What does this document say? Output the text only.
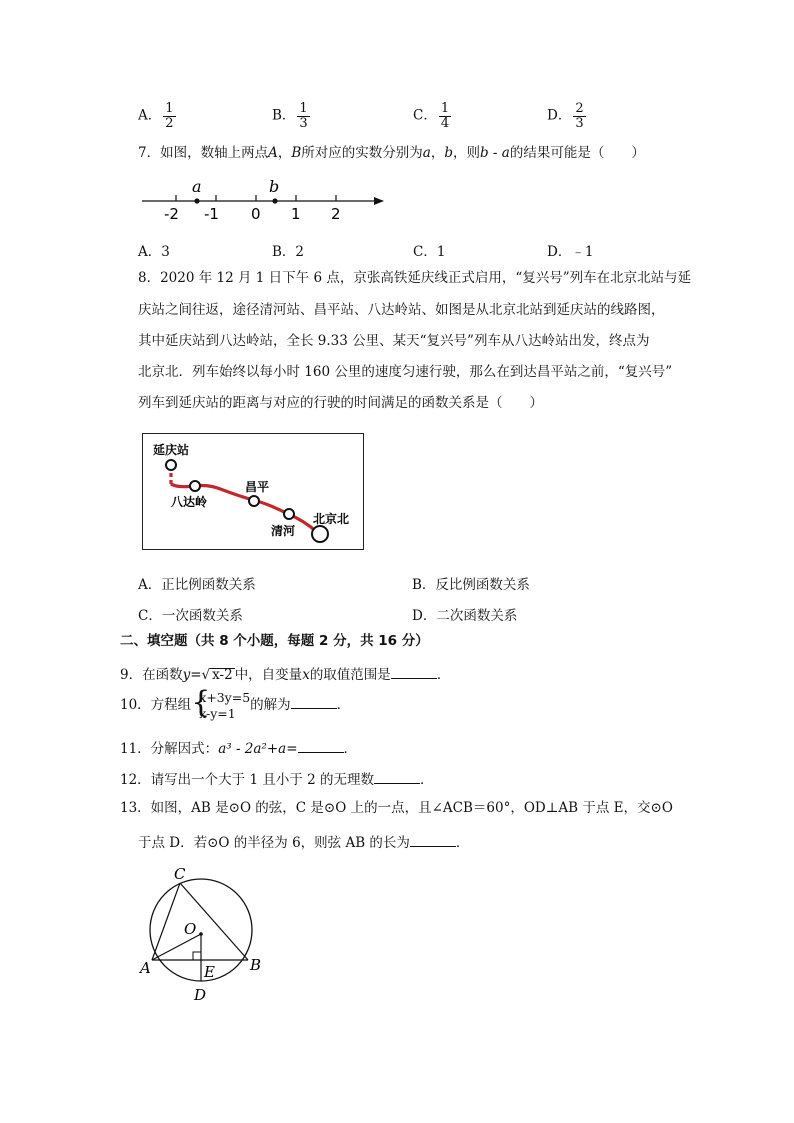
A． $\frac{1}{2}$	B． $\frac{1}{3}$	C． $\frac{1}{4}$	D． $\frac{2}{3}$
7．如图，数轴上两点A，B所对应的实数分别为a，b，则b - a的结果可能是（　　）
a	b
-2 -1 0 1 2
A．3	B．2	C．1	D．﹣1
8．2020 年 12 月 1 日下午 6 点，京张高铁延庆线正式启用，“复兴号”列车在北京北站与延
庆站之间往返，途径清河站、昌平站、八达岭站、如图是从北京北站到延庆站的线路图，
其中延庆站到八达岭站，全长 9.33 公里、某天“复兴号”列车从八达岭站出发，终点为
北京北．列车始终以每小时 160 公里的速度匀速行驶，那么在到达昌平站之前，“复兴号”
列车到延庆站的距离与对应的行驶的时间满足的函数关系是（　　）
延庆站
八达岭
昌平
清河
北京北
A．正比例函数关系	B．反比例函数关系
C．一次函数关系	D．二次函数关系
二、填空题（共 8 个小题，每题 2 分，共 16 分）
9．在函数y=√ x-2 中，自变量x的取值范围是	．
10．方程组 {
x+3y=5
x-y=1	的解为	．
11．分解因式：a³ - 2a²+a=	．
12．请写出一个大于 1 且小于 2 的无理数	．
13．如图，AB 是⊙O 的弦，C 是⊙O 上的一点，且∠ACB＝60°，OD⊥AB 于点 E，交⊙O
于点 D．若⊙O 的半径为 6，则弦 AB 的长为	．
C
O
A	B
E
D
